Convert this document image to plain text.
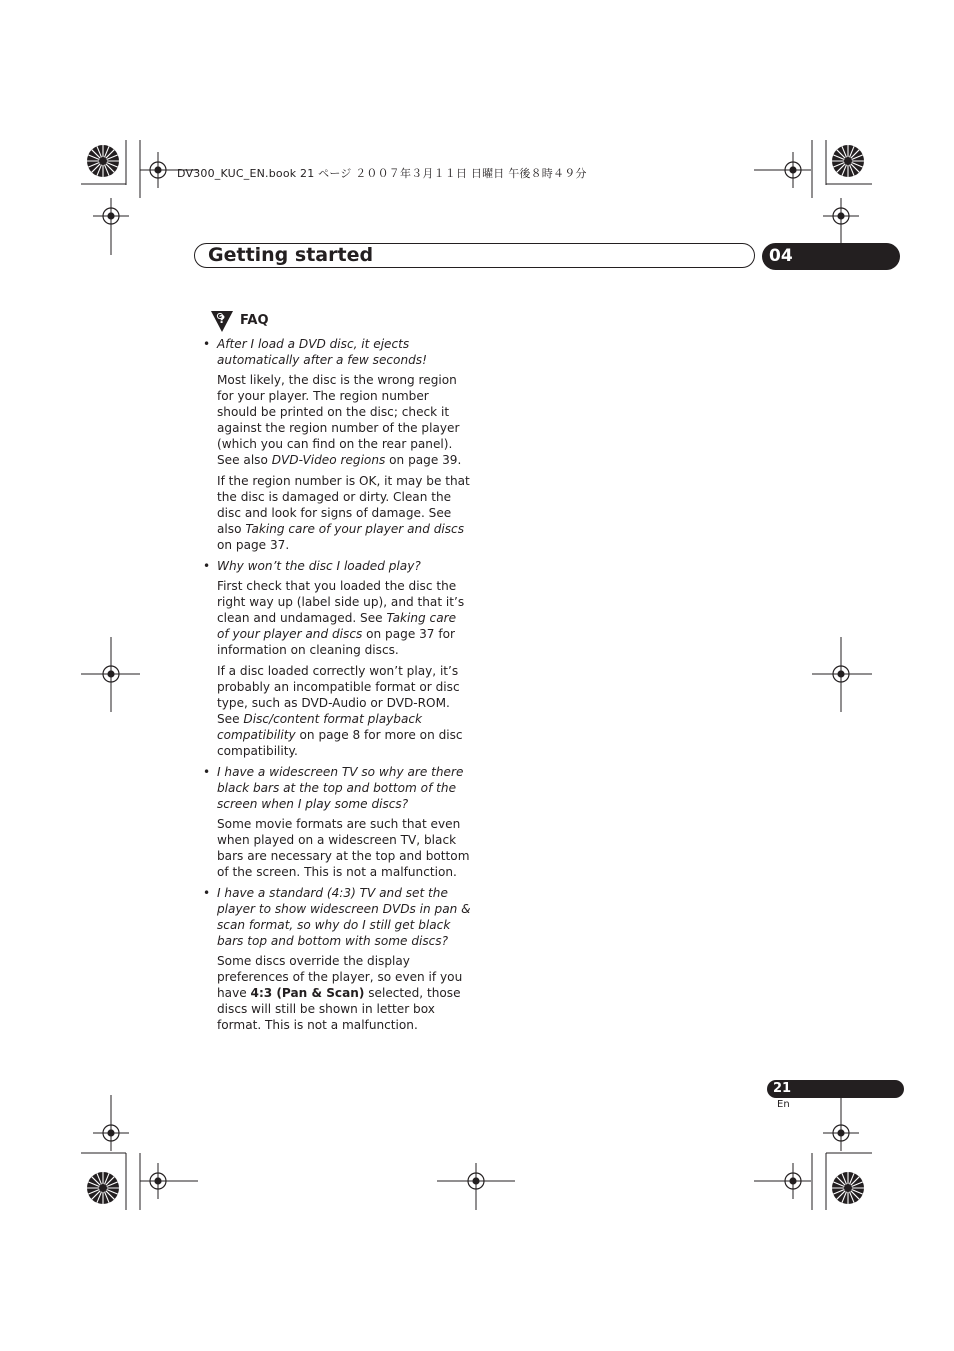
DV300_KUC_EN.book 21 ページ ２００７年３月１１日 日曜日 午後８時４９分
Getting started	04
? FAQ
• After I load a DVD disc, it ejects automatically after a few seconds!
Most likely, the disc is the wrong region for your player. The region number should be printed on the disc; check it against the region number of the player (which you can find on the rear panel). See also DVD-Video regions on page 39.
If the region number is OK, it may be that the disc is damaged or dirty. Clean the disc and look for signs of damage. See also Taking care of your player and discs on page 37.
• Why won’t the disc I loaded play?
First check that you loaded the disc the right way up (label side up), and that it’s clean and undamaged. See Taking care of your player and discs on page 37 for information on cleaning discs.
If a disc loaded correctly won’t play, it’s probably an incompatible format or disc type, such as DVD-Audio or DVD-ROM. See Disc/content format playback compatibility on page 8 for more on disc compatibility.
• I have a widescreen TV so why are there black bars at the top and bottom of the screen when I play some discs?
Some movie formats are such that even when played on a widescreen TV, black bars are necessary at the top and bottom of the screen. This is not a malfunction.
• I have a standard (4:3) TV and set the player to show widescreen DVDs in pan & scan format, so why do I still get black bars top and bottom with some discs?
Some discs override the display preferences of the player, so even if you have 4:3 (Pan & Scan) selected, those discs will still be shown in letter box format. This is not a malfunction.
21
En
